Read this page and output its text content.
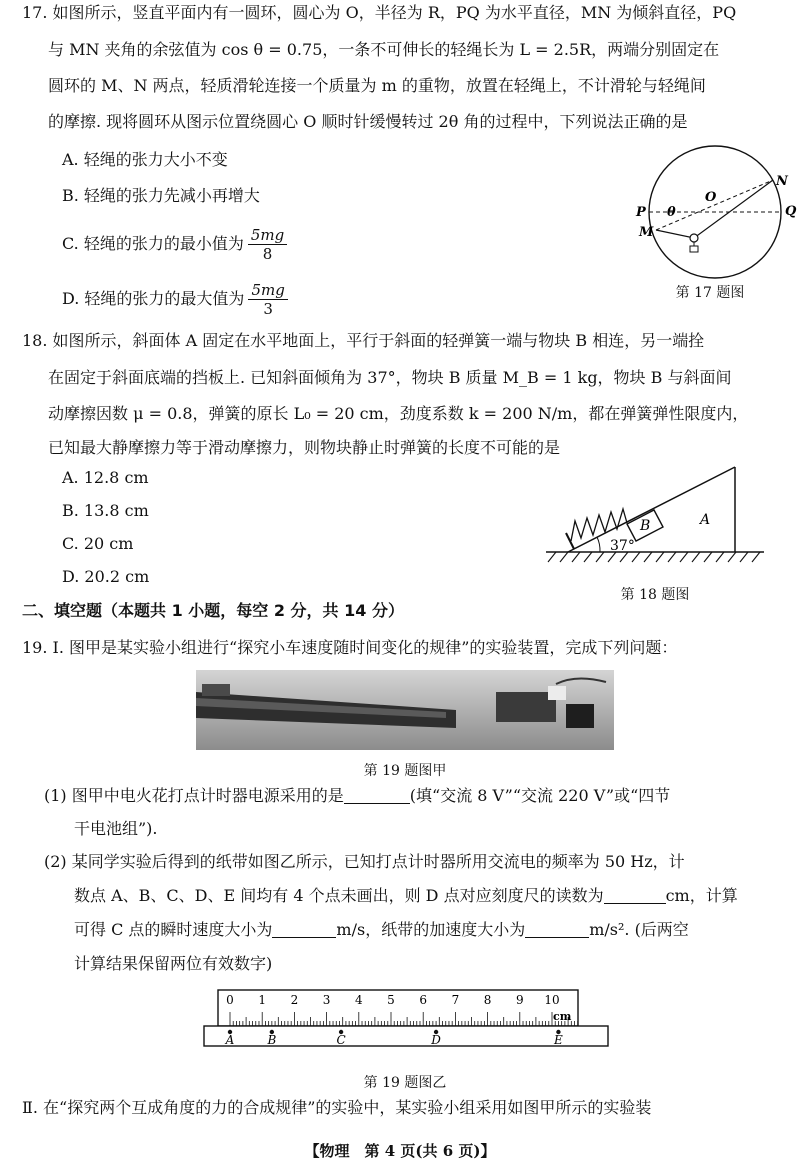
17. 如图所示，竖直平面内有一圆环，圆心为 O，半径为 R，PQ 为水平直径，MN 为倾斜直径，PQ
与 MN 夹角的余弦值为 cos θ = 0.75，一条不可伸长的轻绳长为 L = 2.5R，两端分别固定在
圆环的 M、N 两点，轻质滑轮连接一个质量为 m 的重物，放置在轻绳上，不计滑轮与轻绳间
的摩擦. 现将圆环从图示位置绕圆心 O 顺时针缓慢转过 2θ 角的过程中，下列说法正确的是
A. 轻绳的张力大小不变
B. 轻绳的张力先减小再增大
C. 轻绳的张力的最小值为 $\frac{5mg}{8}$
D. 轻绳的张力的最大值为 $\frac{5mg}{3}$
N
O
P θ	Q
M
第 17 题图
18. 如图所示，斜面体 A 固定在水平地面上，平行于斜面的轻弹簧一端与物块 B 相连，另一端拴
在固定于斜面底端的挡板上. 已知斜面倾角为 37°，物块 B 质量 M_B = 1 kg，物块 B 与斜面间
动摩擦因数 μ = 0.8，弹簧的原长 L₀ = 20 cm，劲度系数 k = 200 N/m，都在弹簧弹性限度内，
已知最大静摩擦力等于滑动摩擦力，则物块静止时弹簧的长度不可能的是
A. 12.8 cm
B. 13.8 cm
C. 20 cm
D. 20.2 cm
B	A
37°
第 18 题图
二、填空题（本题共 1 小题，每空 2 分，共 14 分）
19. Ⅰ. 图甲是某实验小组进行“探究小车速度随时间变化的规律”的实验装置，完成下列问题：
第 19 题图甲
(1) 图甲中电火花打点计时器电源采用的是	(填“交流 8 V”“交流 220 V”或“四节
干电池组”).
(2) 某同学实验后得到的纸带如图乙所示，已知打点计时器所用交流电的频率为 50 Hz，计
数点 A、B、C、D、E 间均有 4 个点未画出，则 D 点对应刻度尺的读数为	cm，计算
可得 C 点的瞬时速度大小为	m/s，纸带的加速度大小为	m/s². (后两空
计算结果保留两位有效数字)
0 1 2 3 4 5 6 7 8 9 10
cm
A	B	C	D	E
第 19 题图乙
Ⅱ. 在“探究两个互成角度的力的合成规律”的实验中，某实验小组采用如图甲所示的实验装
【物理　第 4 页(共 6 页)】
